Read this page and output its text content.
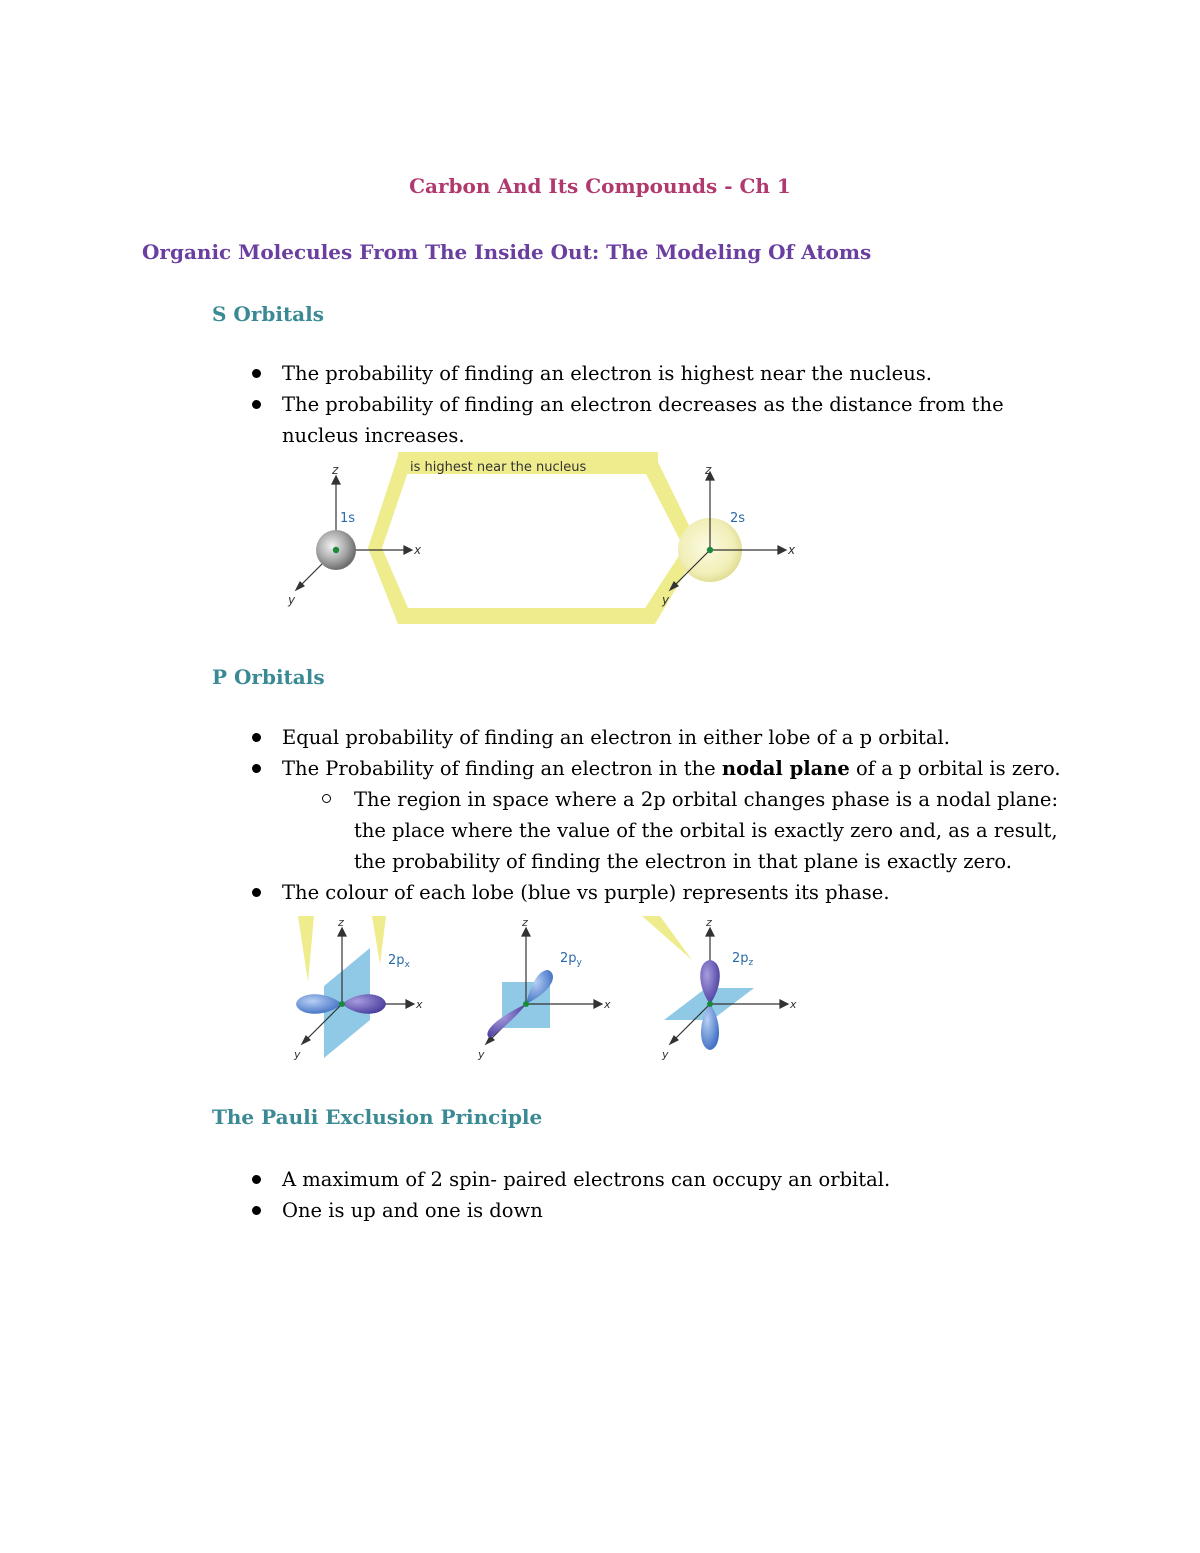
Carbon And Its Compounds - Ch 1
Organic Molecules From The Inside Out: The Modeling Of Atoms
S Orbitals
The probability of finding an electron is highest near the nucleus.
The probability of finding an electron decreases as the distance from the nucleus increases.
is highest near the nucleus
z
x
y
1s
z
x
y
2s
P Orbitals
Equal probability of finding an electron in either lobe of a p orbital.
The Probability of finding an electron in the nodal plane of a p orbital is zero.
The region in space where a 2p orbital changes phase is a nodal plane: the place where the value of the orbital is exactly zero and, as a result, the probability of finding the electron in that plane is exactly zero.
The colour of each lobe (blue vs purple) represents its phase.
z
x
y
$2p_x$
z
x
y
$2p_y$
z
x
y
$2p_z$
The Pauli Exclusion Principle
A maximum of 2 spin- paired electrons can occupy an orbital.
One is up and one is down
